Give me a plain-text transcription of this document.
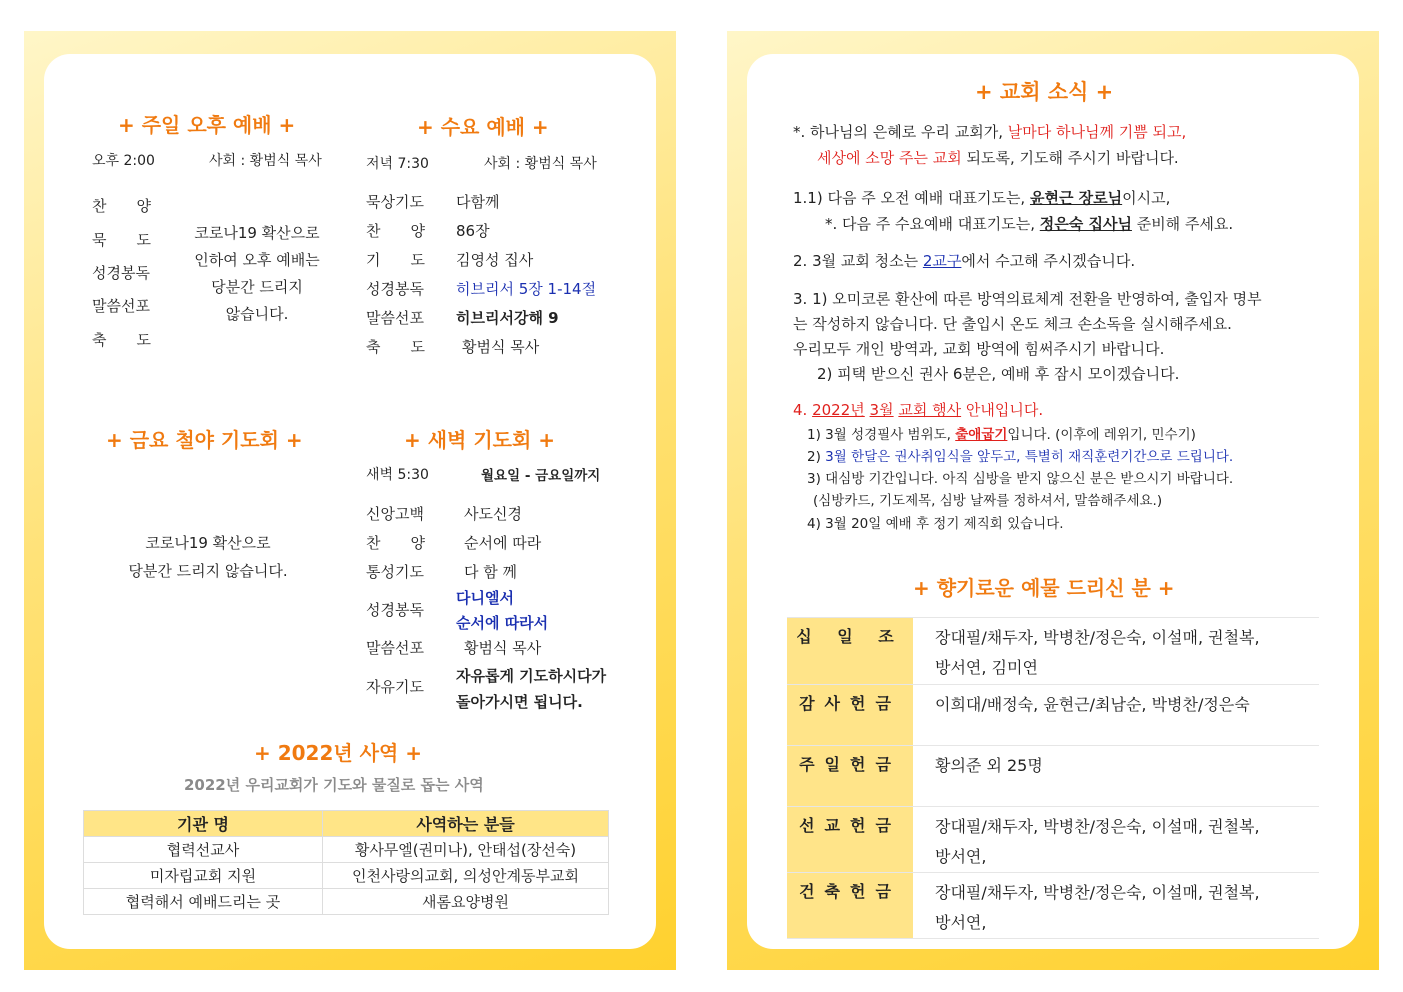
+ 주일 오후 예배 +
오후 2:00	사회 : 황범식 목사
찬　　양
묵　　도
성경봉독
말씀선포
축　　도
코로나19 확산으로
인하여 오후 예배는
당분간 드리지
않습니다.
+ 수요 예배 +
저녁 7:30	사회 : 황범식 목사
묵상기도 다함께
찬　　양 86장
기　　도 김영성 집사
성경봉독 히브리서 5장 1-14절
말씀선포 히브리서강해 9
축　　도 황범식 목사
+ 금요 철야 기도회 +
코로나19 확산으로
당분간 드리지 않습니다.
+ 새벽 기도회 +
새벽 5:30	월요일 - 금요일까지
신앙고백	사도신경
찬　　양	순서에 따라
통성기도	다 함 께
성경봉독
다니엘서
순서에 따라서
말씀선포	황범식 목사
자유기도
자유롭게 기도하시다가
돌아가시면 됩니다.
+ 2022년 사역 +
2022년 우리교회가 기도와 물질로 돕는 사역
기관 명	사역하는 분들
협력선교사	황사무엘(권미나), 안태섭(장선숙)
미자립교회 지원	인천사랑의교회, 의성안계동부교회
협력해서 예배드리는 곳	새롬요양병원
+ 교회 소식 +
*. 하나님의 은혜로 우리 교회가, 날마다 하나님께 기쁨 되고,
세상에 소망 주는 교회 되도록, 기도해 주시기 바랍니다.
1.1) 다음 주 오전 예배 대표기도는, 윤현근 장로님이시고,
*. 다음 주 수요예배 대표기도는, 정은숙 집사님 준비해 주세요.
2. 3월 교회 청소는 2교구에서 수고해 주시겠습니다.
3. 1) 오미코론 환산에 따른 방역의료체계 전환을 반영하여, 출입자 명부
는 작성하지 않습니다. 단 출입시 온도 체크 손소독을 실시해주세요.
우리모두 개인 방역과, 교회 방역에 힘써주시기 바랍니다.
2) 피택 받으신 권사 6분은, 예배 후 잠시 모이겠습니다.
4. 2022년 3월 교회 행사 안내입니다.
1) 3월 성경필사 범위도, 출애굽기입니다. (이후에 레위기, 민수기)
2) 3월 한달은 권사취임식을 앞두고, 특별히 재직훈련기간으로 드립니다.
3) 대심방 기간입니다. 아직 심방을 받지 않으신 분은 받으시기 바랍니다.
(심방카드, 기도제목, 심방 날짜를 정하셔서, 말씀해주세요.)
4) 3월 20일 예배 후 정기 제직회 있습니다.
+ 향기로운 예물 드리신 분 +
십 일 조	장대필/채두자, 박병찬/정은숙, 이설매, 권철복,
방서연, 김미연

감사헌금	이희대/배정숙, 윤현근/최남순, 박병찬/정은숙

주일헌금	황의준 외 25명

선교헌금	장대필/채두자, 박병찬/정은숙, 이설매, 권철복,
방서연,

건축헌금	장대필/채두자, 박병찬/정은숙, 이설매, 권철복,
방서연,
